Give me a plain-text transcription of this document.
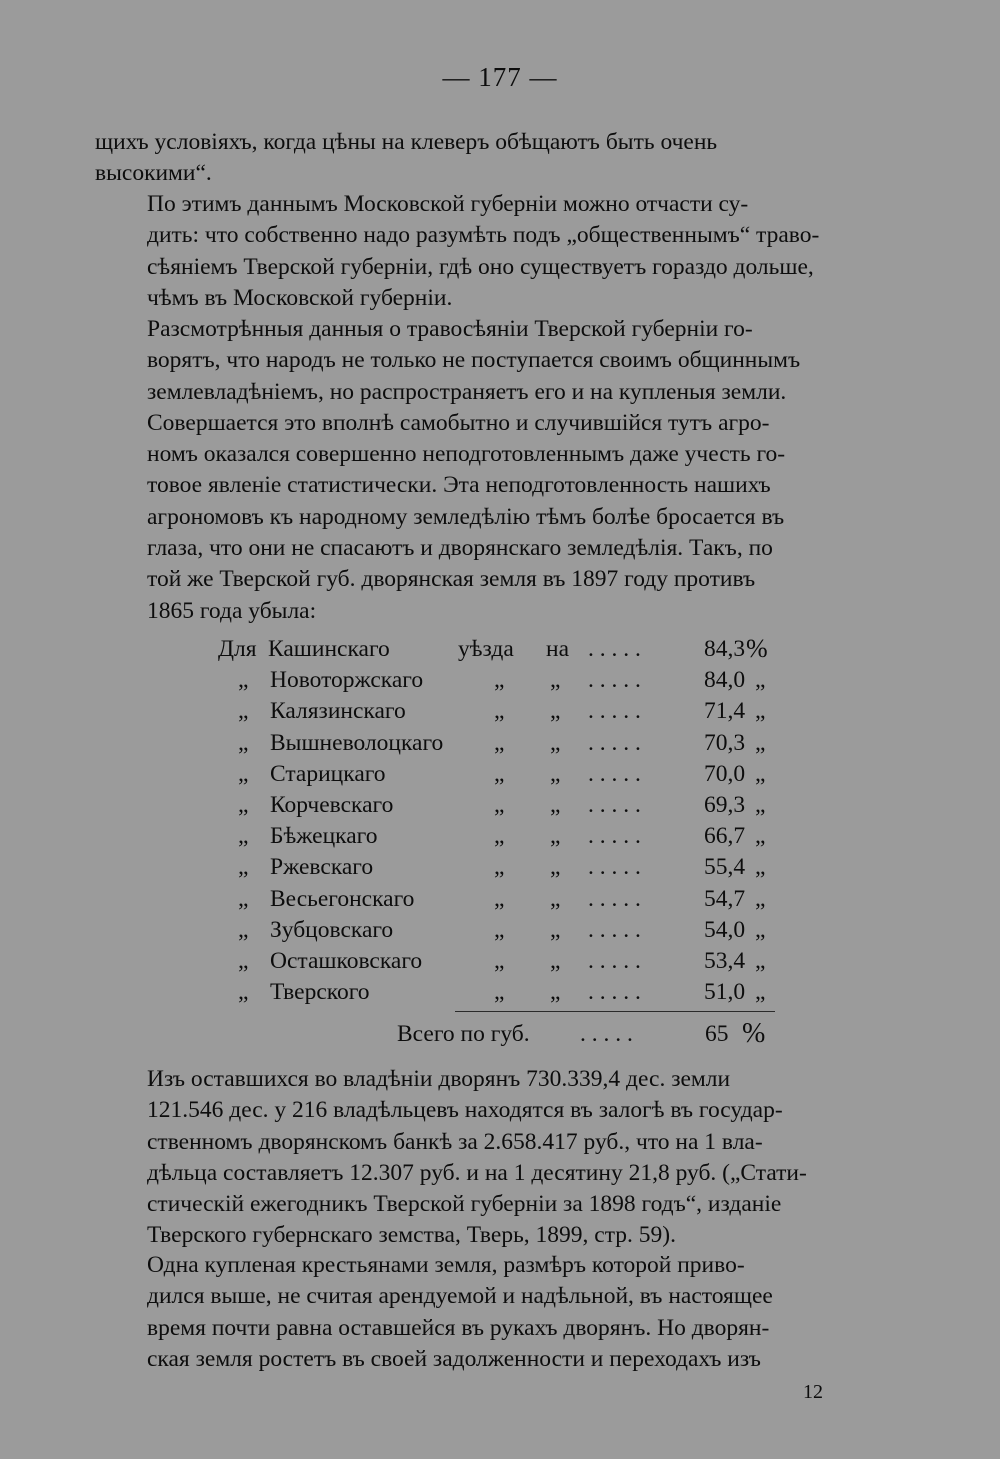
— 177 —

щихъ условіяхъ, когда цѣны на клеверъ обѣщаютъ быть очень
высокими“.

По этимъ даннымъ Московской губерніи можно отчасти су-
дить: что собственно надо разумѣть подъ „общественнымъ“ траво-
сѣяніемъ Тверской губерніи, гдѣ оно существуетъ гораздо дольше,
чѣмъ въ Московской губерніи.

Разсмотрѣнныя данныя о травосѣяніи Тверской губерніи го-
ворятъ, что народъ не только не поступается своимъ общиннымъ
землевладѣніемъ, но распространяетъ его и на купленыя земли.
Совершается это вполнѣ самобытно и случившійся тутъ агро-
номъ оказался совершенно неподготовленнымъ даже учесть го-
товое явленіе статистически. Эта неподготовленность нашихъ
агрономовъ къ народному земледѣлію тѣмъ болѣе бросается въ
глаза, что они не спасаютъ и дворянскаго земледѣлія. Такъ, по
той же Тверской губ. дворянская земля въ 1897 году противъ
1865 года убыла:

Для Кашинскаго	уѣзда на . . . . .	84,3 %
„ Новоторжскаго	„ „ . . . . .	84,0 „
„ Калязинскаго	„ „ . . . . .	71,4 „
„ Вышневолоцкаго „ „ . . . . .	70,3 „
„ Старицкаго	„ „ . . . . .	70,0 „
„ Корчевскаго	„ „ . . . . .	69,3 „
„ Бѣжецкаго	„ „ . . . . .	66,7 „
„ Ржевскаго	„ „ . . . . .	55,4 „
„ Весьегонскаго	„ „ . . . . .	54,7 „
„ Зубцовскаго	„ „ . . . . .	54,0 „
„ Осташковскаго	„ „ . . . . .	53,4 „
„ Тверского	„ „ . . . . .	51,0 „
Всего по губ. . . . . .	65 %

Изъ оставшихся во владѣніи дворянъ 730.339,4 дес. земли
121.546 дес. у 216 владѣльцевъ находятся въ залогѣ въ государ-
ственномъ дворянскомъ банкѣ за 2.658.417 руб., что на 1 вла-
дѣльца составляетъ 12.307 руб. и на 1 десятину 21,8 руб. („Стати-
стическій ежегодникъ Тверской губерніи за 1898 годъ“, изданіе
Тверского губернскаго земства, Тверь, 1899, стр. 59).

Одна купленая крестьянами земля, размѣръ которой приво-
дился выше, не считая арендуемой и надѣльной, въ настоящее
время почти равна оставшейся въ рукахъ дворянъ. Но дворян-
ская земля ростетъ въ своей задолженности и переходахъ изъ

12
